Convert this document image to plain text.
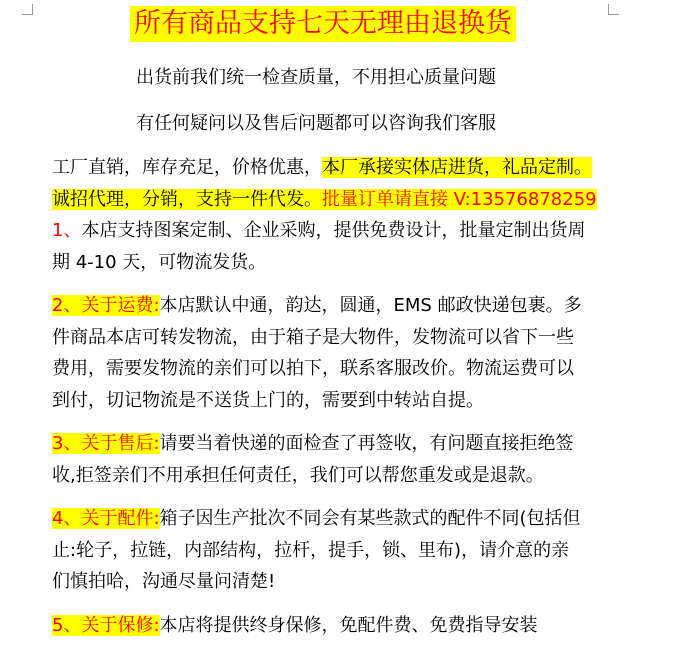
所有商品支持七天无理由退换货
出货前我们统一检查质量，不用担心质量问题
有任何疑问以及售后问题都可以咨询我们客服

工厂直销，库存充足，价格优惠，本厂承接实体店进货，礼品定制。

诚招代理，分销，支持一件代发。批量订单请直接 V:13576878259

1、本店支持图案定制、企业采购，提供免费设计，批量定制出货周

期 4-10 天，可物流发货。

2、关于运费:本店默认中通，韵达，圆通，EMS 邮政快递包裹。多

件商品本店可转发物流，由于箱子是大物件，发物流可以省下一些

费用，需要发物流的亲们可以拍下，联系客服改价。物流运费可以

到付，切记物流是不送货上门的，需要到中转站自提。

3、关于售后:请要当着快递的面检查了再签收，有问题直接拒绝签

收,拒签亲们不用承担任何责任，我们可以帮您重发或是退款。

4、关于配件:箱子因生产批次不同会有某些款式的配件不同(包括但

止:轮子，拉链，内部结构，拉杆，提手，锁、里布)，请介意的亲

们慎拍哈，沟通尽量问清楚!

5、关于保修:本店将提供终身保修，免配件费、免费指导安装
